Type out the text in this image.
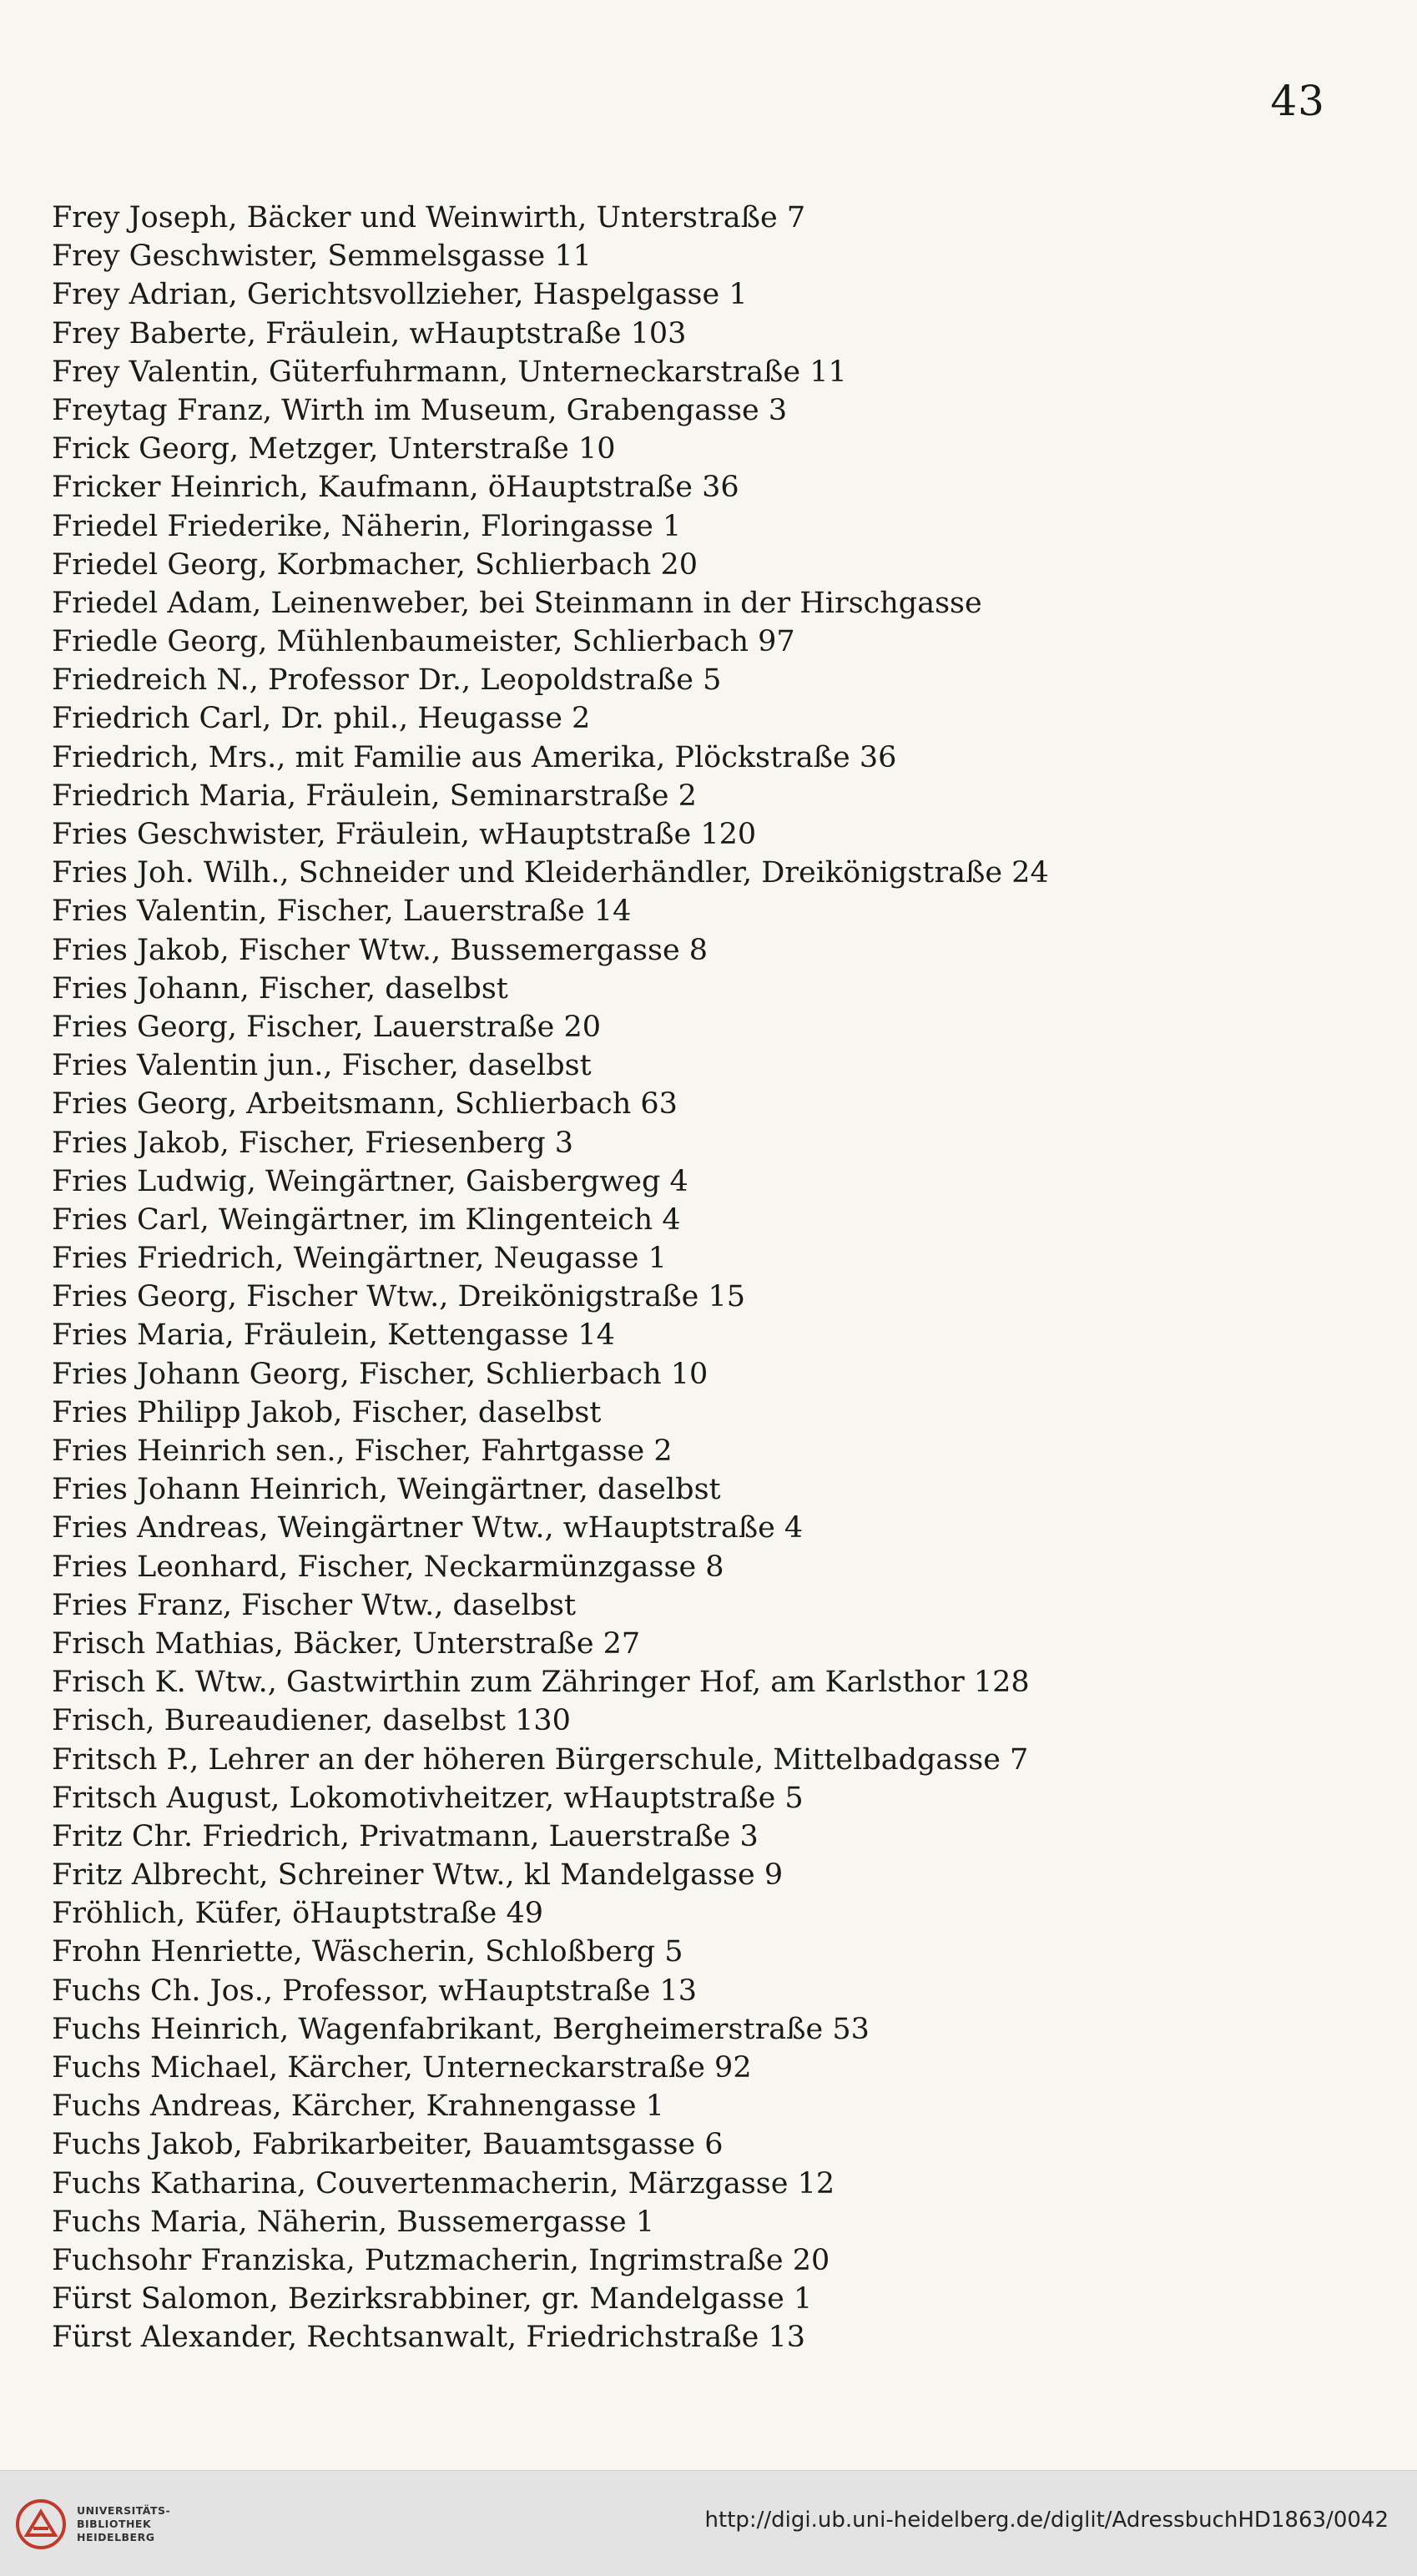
43
Frey Joseph, Bäcker und Weinwirth, Unterstraße 7
Frey Geschwister, Semmelsgasse 11
Frey Adrian, Gerichtsvollzieher, Haspelgasse 1
Frey Baberte, Fräulein, wHauptstraße 103
Frey Valentin, Güterfuhrmann, Unterneckarstraße 11
Freytag Franz, Wirth im Museum, Grabengasse 3
Frick Georg, Metzger, Unterstraße 10
Fricker Heinrich, Kaufmann, öHauptstraße 36
Friedel Friederike, Näherin, Floringasse 1
Friedel Georg, Korbmacher, Schlierbach 20
Friedel Adam, Leinenweber, bei Steinmann in der Hirschgasse
Friedle Georg, Mühlenbaumeister, Schlierbach 97
Friedreich N., Professor Dr., Leopoldstraße 5
Friedrich Carl, Dr. phil., Heugasse 2
Friedrich, Mrs., mit Familie aus Amerika, Plöckstraße 36
Friedrich Maria, Fräulein, Seminarstraße 2
Fries Geschwister, Fräulein, wHauptstraße 120
Fries Joh. Wilh., Schneider und Kleiderhändler, Dreikönigstraße 24
Fries Valentin, Fischer, Lauerstraße 14
Fries Jakob, Fischer Wtw., Bussemergasse 8
Fries Johann, Fischer, daselbst
Fries Georg, Fischer, Lauerstraße 20
Fries Valentin jun., Fischer, daselbst
Fries Georg, Arbeitsmann, Schlierbach 63
Fries Jakob, Fischer, Friesenberg 3
Fries Ludwig, Weingärtner, Gaisbergweg 4
Fries Carl, Weingärtner, im Klingenteich 4
Fries Friedrich, Weingärtner, Neugasse 1
Fries Georg, Fischer Wtw., Dreikönigstraße 15
Fries Maria, Fräulein, Kettengasse 14
Fries Johann Georg, Fischer, Schlierbach 10
Fries Philipp Jakob, Fischer, daselbst
Fries Heinrich sen., Fischer, Fahrtgasse 2
Fries Johann Heinrich, Weingärtner, daselbst
Fries Andreas, Weingärtner Wtw., wHauptstraße 4
Fries Leonhard, Fischer, Neckarmünzgasse 8
Fries Franz, Fischer Wtw., daselbst
Frisch Mathias, Bäcker, Unterstraße 27
Frisch K. Wtw., Gastwirthin zum Zähringer Hof, am Karlsthor 128
Frisch, Bureaudiener, daselbst 130
Fritsch P., Lehrer an der höheren Bürgerschule, Mittelbadgasse 7
Fritsch August, Lokomotivheitzer, wHauptstraße 5
Fritz Chr. Friedrich, Privatmann, Lauerstraße 3
Fritz Albrecht, Schreiner Wtw., kl Mandelgasse 9
Fröhlich, Küfer, öHauptstraße 49
Frohn Henriette, Wäscherin, Schloßberg 5
Fuchs Ch. Jos., Professor, wHauptstraße 13
Fuchs Heinrich, Wagenfabrikant, Bergheimerstraße 53
Fuchs Michael, Kärcher, Unterneckarstraße 92
Fuchs Andreas, Kärcher, Krahnengasse 1
Fuchs Jakob, Fabrikarbeiter, Bauamtsgasse 6
Fuchs Katharina, Couvertenmacherin, Märzgasse 12
Fuchs Maria, Näherin, Bussemergasse 1
Fuchsohr Franziska, Putzmacherin, Ingrimstraße 20
Fürst Salomon, Bezirksrabbiner, gr. Mandelgasse 1
Fürst Alexander, Rechtsanwalt, Friedrichstraße 13
UNIVERSITÄTS-
BIBLIOTHEK
HEIDELBERG
http://digi.ub.uni-heidelberg.de/diglit/AdressbuchHD1863/0042
